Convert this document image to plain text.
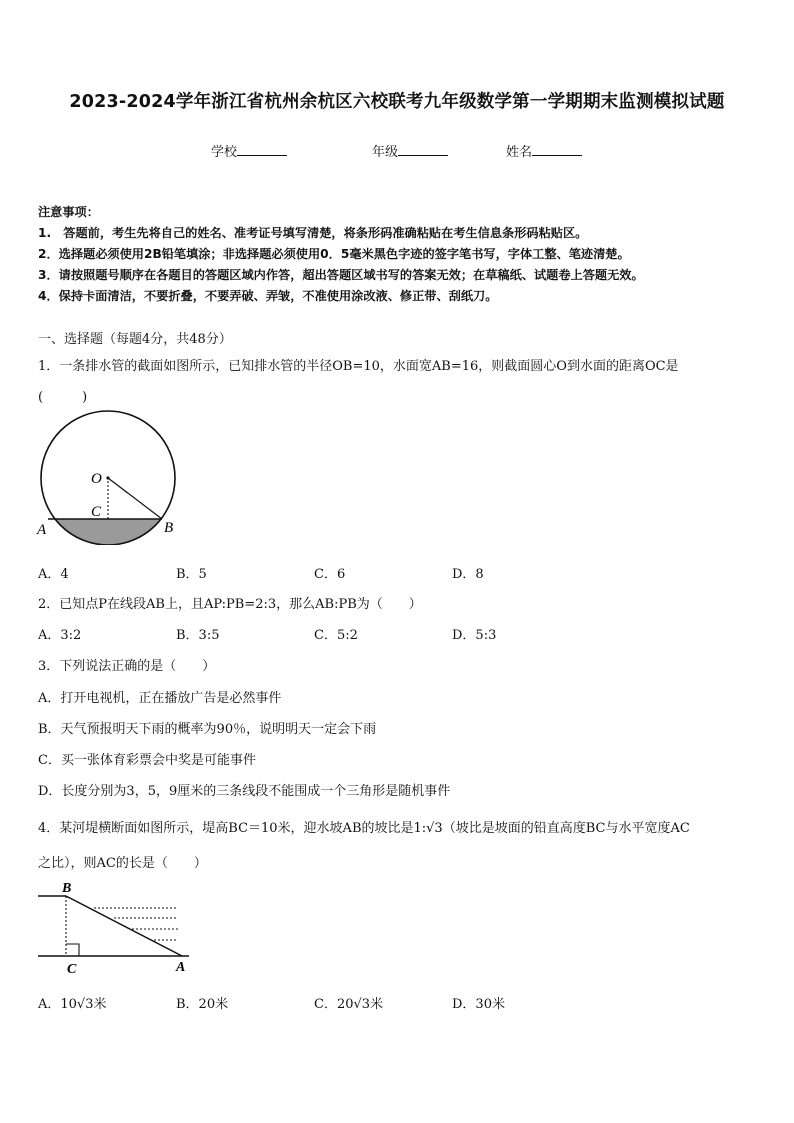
2023-2024学年浙江省杭州余杭区六校联考九年级数学第一学期期末监测模拟试题
学校	年级	姓名
注意事项：
1.　答题前，考生先将自己的姓名、准考证号填写清楚，将条形码准确粘贴在考生信息条形码粘贴区。
2．选择题必须使用2B铅笔填涂；非选择题必须使用0．5毫米黑色字迹的签字笔书写，字体工整、笔迹清楚。
3．请按照题号顺序在各题目的答题区域内作答，超出答题区域书写的答案无效；在草稿纸、试题卷上答题无效。
4．保持卡面清洁，不要折叠，不要弄破、弄皱，不准使用涂改液、修正带、刮纸刀。
一、选择题（每题4分，共48分）
1．一条排水管的截面如图所示，已知排水管的半径OB=10，水面宽AB=16，则截面圆心O到水面的距离OC是
(　　　)
O
C
A	B
A．4	B．5	C．6	D．8
2．已知点P在线段AB上，且AP:PB=2:3，那么AB:PB为（　　）
A．3:2	B．3:5	C．5:2	D．5:3
3．下列说法正确的是（　　）
A．打开电视机，正在播放广告是必然事件
B．天气预报明天下雨的概率为90％，说明明天一定会下雨
C．买一张体育彩票会中奖是可能事件
D．长度分别为3，5，9厘米的三条线段不能围成一个三角形是随机事件
4．某河堤横断面如图所示，堤高BC＝10米，迎水坡AB的坡比是1:√3（坡比是坡面的铅直高度BC与水平宽度AC
之比），则AC的长是（　　）
B
C	A
A．10√3米	B．20米	C．20√3米	D．30米
